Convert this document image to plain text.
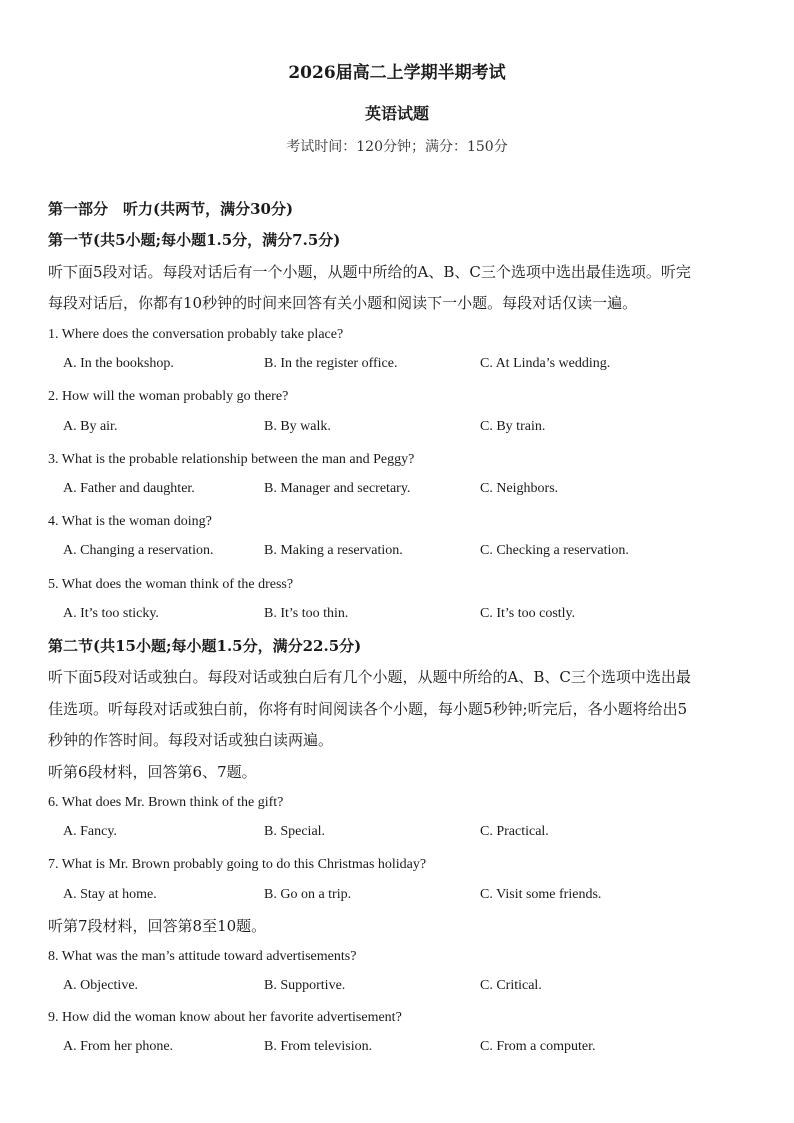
2026届高二上学期半期考试
英语试题
考试时间：120分钟；满分：150分
第一部分　听力(共两节，满分30分)
第一节(共5小题;每小题1.5分，满分7.5分)
听下面5段对话。每段对话后有一个小题，从题中所给的A、B、C三个选项中选出最佳选项。听完
每段对话后，你都有10秒钟的时间来回答有关小题和阅读下一小题。每段对话仅读一遍。
1. Where does the conversation probably take place?
A. In the bookshop.	B. In the register office.	C. At Linda’s wedding.
2. How will the woman probably go there?
A. By air.	B. By walk.	C. By train.
3. What is the probable relationship between the man and Peggy?
A. Father and daughter.	B. Manager and secretary.	C. Neighbors.
4. What is the woman doing?
A. Changing a reservation.	B. Making a reservation.	C. Checking a reservation.
5. What does the woman think of the dress?
A. It’s too sticky.	B. It’s too thin.	C. It’s too costly.
第二节(共15小题;每小题1.5分，满分22.5分)
听下面5段对话或独白。每段对话或独白后有几个小题，从题中所给的A、B、C三个选项中选出最
佳选项。听每段对话或独白前，你将有时间阅读各个小题，每小题5秒钟;听完后，各小题将给出5
秒钟的作答时间。每段对话或独白读两遍。
听第6段材料，回答第6、7题。
6. What does Mr. Brown think of the gift?
A. Fancy.	B. Special.	C. Practical.
7. What is Mr. Brown probably going to do this Christmas holiday?
A. Stay at home.	B. Go on a trip.	C. Visit some friends.
听第7段材料，回答第8至10题。
8. What was the man’s attitude toward advertisements?
A. Objective.	B. Supportive.	C. Critical.
9. How did the woman know about her favorite advertisement?
A. From her phone.	B. From television.	C. From a computer.
